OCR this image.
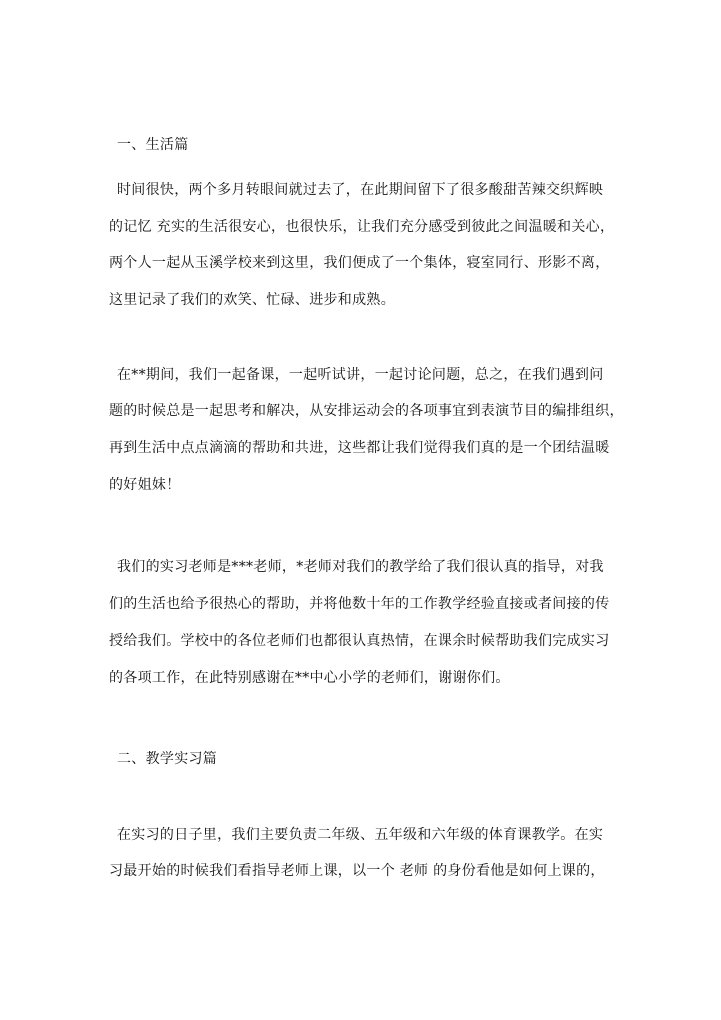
一、生活篇
时间很快，两个多月转眼间就过去了，在此期间留下了很多酸甜苦辣交织辉映
的记忆 充实的生活很安心，也很快乐，让我们充分感受到彼此之间温暖和关心，
两个人一起从玉溪学校来到这里，我们便成了一个集体，寝室同行、形影不离，
这里记录了我们的欢笑、忙碌、进步和成熟。
在**期间，我们一起备课，一起听试讲，一起讨论问题，总之，在我们遇到问
题的时候总是一起思考和解决，从安排运动会的各项事宜到表演节目的编排组织，
再到生活中点点滴滴的帮助和共进，这些都让我们觉得我们真的是一个团结温暖
的好姐妹！
我们的实习老师是***老师，*老师对我们的教学给了我们很认真的指导，对我
们的生活也给予很热心的帮助，并将他数十年的工作教学经验直接或者间接的传
授给我们。学校中的各位老师们也都很认真热情，在课余时候帮助我们完成实习
的各项工作，在此特别感谢在**中心小学的老师们，谢谢你们。
二、教学实习篇
在实习的日子里，我们主要负责二年级、五年级和六年级的体育课教学。在实
习最开始的时候我们看指导老师上课，以一个 老师 的身份看他是如何上课的，
